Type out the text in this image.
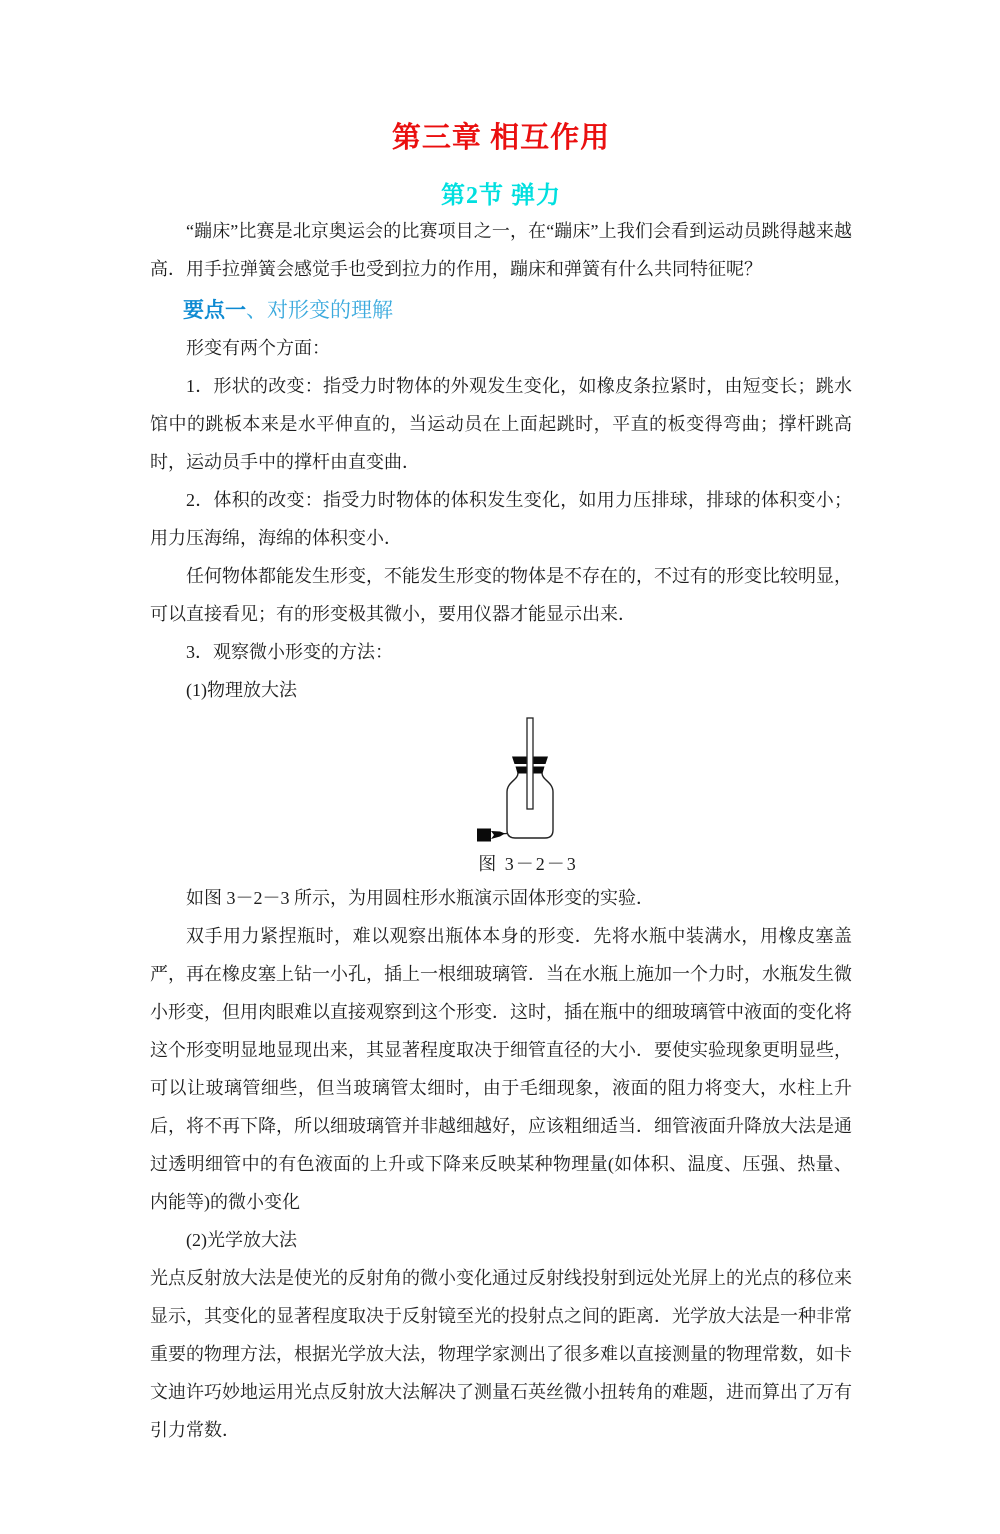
第三章 相互作用
第2节 弹力

“蹦床”比赛是北京奥运会的比赛项目之一，在“蹦床”上我们会看到运动员跳得越来越高．用手拉弹簧会感觉手也受到拉力的作用，蹦床和弹簧有什么共同特征呢？

要点一、对形变的理解

形变有两个方面：

1．形状的改变：指受力时物体的外观发生变化，如橡皮条拉紧时，由短变长；跳水馆中的跳板本来是水平伸直的，当运动员在上面起跳时，平直的板变得弯曲；撑杆跳高时，运动员手中的撑杆由直变曲．

2．体积的改变：指受力时物体的体积发生变化，如用力压排球，排球的体积变小；用力压海绵，海绵的体积变小．

任何物体都能发生形变，不能发生形变的物体是不存在的，不过有的形变比较明显，可以直接看见；有的形变极其微小，要用仪器才能显示出来．

3．观察微小形变的方法：

(1)物理放大法

图 3－2－3

如图 3－2－3 所示，为用圆柱形水瓶演示固体形变的实验．

双手用力紧捏瓶时，难以观察出瓶体本身的形变．先将水瓶中装满水，用橡皮塞盖严，再在橡皮塞上钻一小孔，插上一根细玻璃管．当在水瓶上施加一个力时，水瓶发生微小形变，但用肉眼难以直接观察到这个形变．这时，插在瓶中的细玻璃管中液面的变化将这个形变明显地显现出来，其显著程度取决于细管直径的大小．要使实验现象更明显些，可以让玻璃管细些，但当玻璃管太细时，由于毛细现象，液面的阻力将变大，水柱上升后，将不再下降，所以细玻璃管并非越细越好，应该粗细适当．细管液面升降放大法是通过透明细管中的有色液面的上升或下降来反映某种物理量(如体积、温度、压强、热量、内能等)的微小变化

(2)光学放大法

光点反射放大法是使光的反射角的微小变化通过反射线投射到远处光屏上的光点的移位来显示，其变化的显著程度取决于反射镜至光的投射点之间的距离．光学放大法是一种非常重要的物理方法，根据光学放大法，物理学家测出了很多难以直接测量的物理常数，如卡文迪许巧妙地运用光点反射放大法解决了测量石英丝微小扭转角的难题，进而算出了万有引力常数．
